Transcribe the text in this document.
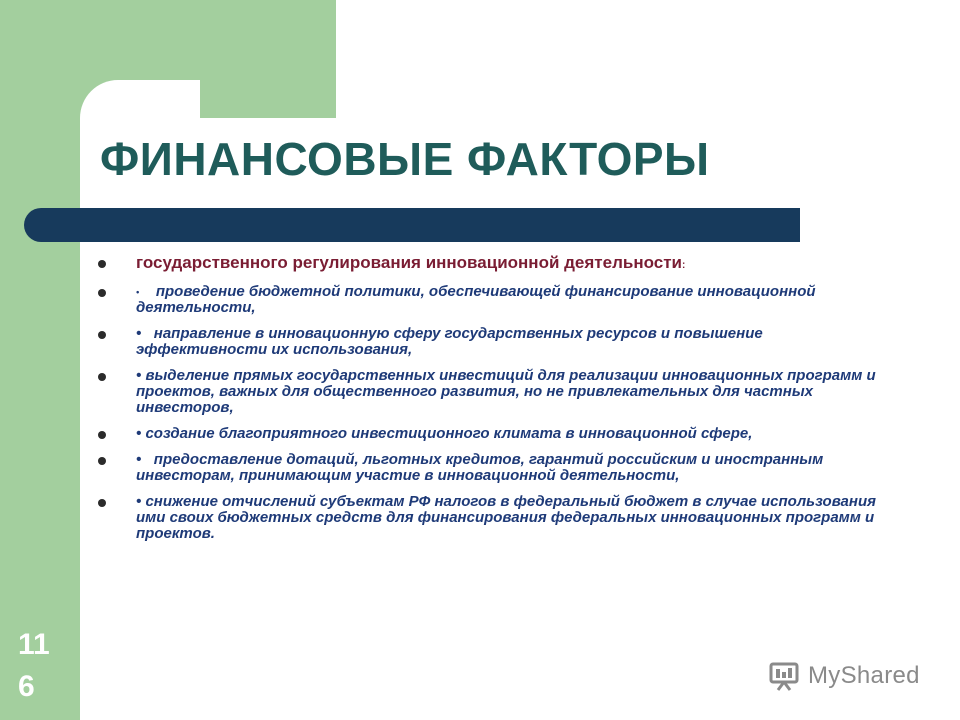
ФИНАНСОВЫЕ ФАКТОРЫ
государственного регулирования инновационной деятельности:
• проведение бюджетной политики, обеспечивающей финансирование инновационной деятельности,
• направление в инновационную сферу государственных ресурсов и повышение эффективности их использования,
• выделение прямых государственных инвестиций для реализации инновационных программ и проектов, важных для общественного развития, но не привлекательных для частных инвесторов,
• создание благоприятного инвестиционного климата в инновационной сфере,
• предоставление дотаций, льготных кредитов, гарантий российским и иностранным инвесторам, принимающим участие в инновационной деятельности,
• снижение отчислений субъектам РФ налогов в федеральный бюджет в случае использования ими своих бюджетных средств для финансирования федеральных инновационных программ и проектов.
11
6	MyShared
